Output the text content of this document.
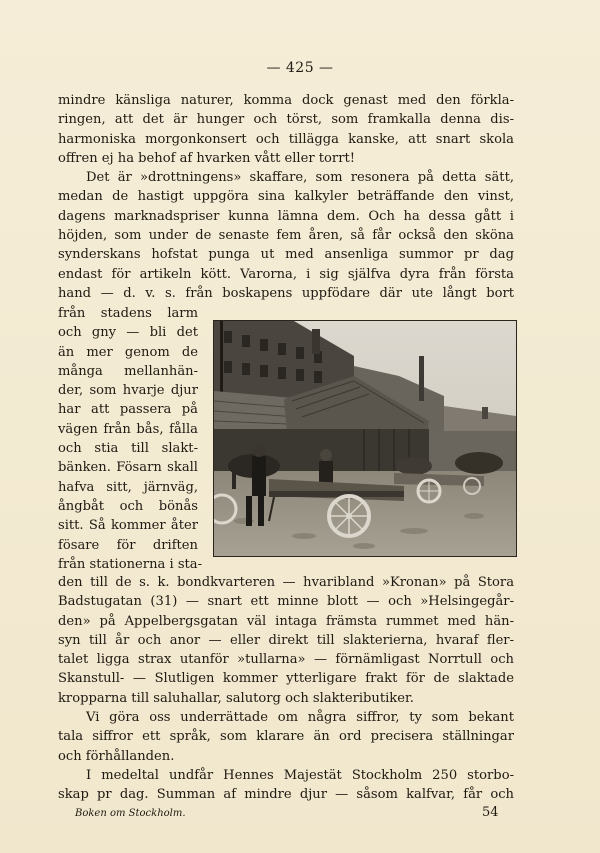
— 425 —
mindre känsliga naturer, komma dock genast med den förkla-
ringen, att det är hunger och törst, som framkalla denna dis-
harmoniska morgonkonsert och tillägga kanske, att snart skola
offren ej ha behof af hvarken vått eller torrt!
Det är »drottningens» skaffare, som resonera på detta sätt,
medan de hastigt uppgöra sina kalkyler beträffande den vinst,
dagens marknadspriser kunna lämna dem. Och ha dessa gått i
höjden, som under de senaste fem åren, så får också den sköna
synderskans hofstat punga ut med ansenliga summor pr dag
endast för artikeln kött. Varorna, i sig själfva dyra från första
hand — d. v. s. från boskapens uppfödare där ute långt bort
från stadens larm
och gny — bli det
än mer genom de
många mellanhän-
der, som hvarje djur
har att passera på
vägen från bås, fålla
och stia till slakt-
bänken. Fösarn skall
hafva sitt, järnväg,
ångbåt och bönås
sitt. Så kommer åter
fösare för driften
från stationerna i sta-
den till de s. k. bondkvarteren — hvaribland »Kronan» på Stora
Badstugatan (31) — snart ett minne blott — och »Helsingegår-
den» på Appelbergsgatan väl intaga främsta rummet med hän-
syn till år och anor — eller direkt till slakterierna, hvaraf fler-
talet ligga strax utanför »tullarna» — förnämligast Norrtull och
Skanstull- — Slutligen kommer ytterligare frakt för de slaktade
kropparna till saluhallar, salutorg och slakteributiker.
Vi göra oss underrättade om några siffror, ty som bekant
tala siffror ett språk, som klarare än ord precisera ställningar
och förhållanden.
I medeltal undfår Hennes Majestät Stockholm 250 storbo-
skap pr dag. Summan af mindre djur — såsom kalfvar, får och
Boken om Stockholm.	54
